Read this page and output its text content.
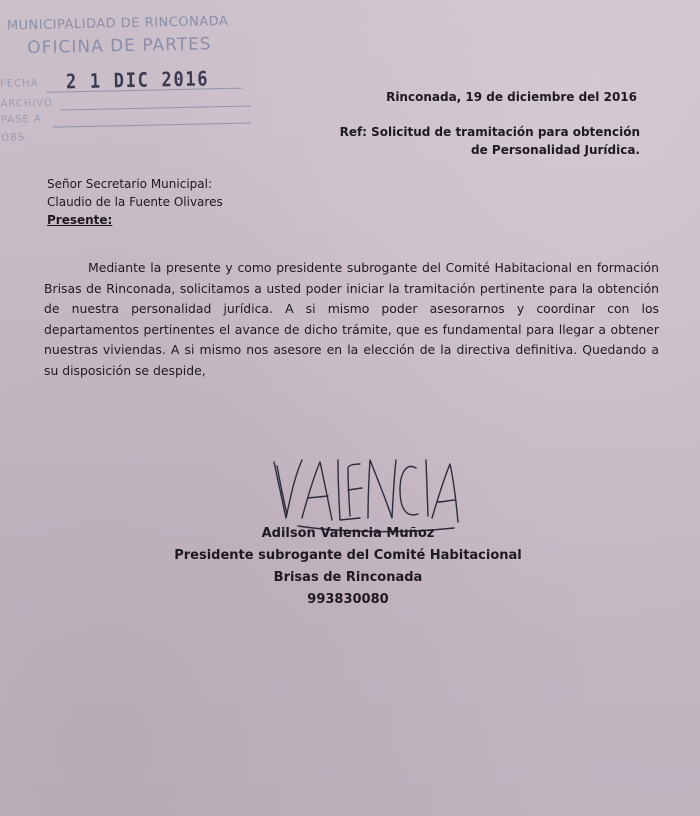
MUNICIPALIDAD DE RINCONADA
OFICINA DE PARTES
FECHA
ARCHIVO
PASE A
OBS.
2 1 DIC 2016
Rinconada, 19 de diciembre del 2016
Ref: Solicitud de tramitación para obtención
de Personalidad Jurídica.
Señor Secretario Municipal:
Claudio de la Fuente Olivares
Presente:
Mediante la presente y como presidente subrogante del Comité Habitacional en formación Brisas de Rinconada, solicitamos a usted poder iniciar la tramitación pertinente para la obtención de nuestra personalidad jurídica. A si mismo poder asesorarnos y coordinar con los departamentos pertinentes el avance de dicho trámite, que es fundamental para llegar a obtener nuestras viviendas. A si mismo nos asesore en la elección de la directiva definitiva. Quedando a su disposición se despide,
Adilson Valencia Muñoz
Presidente subrogante del Comité Habitacional
Brisas de Rinconada
993830080
